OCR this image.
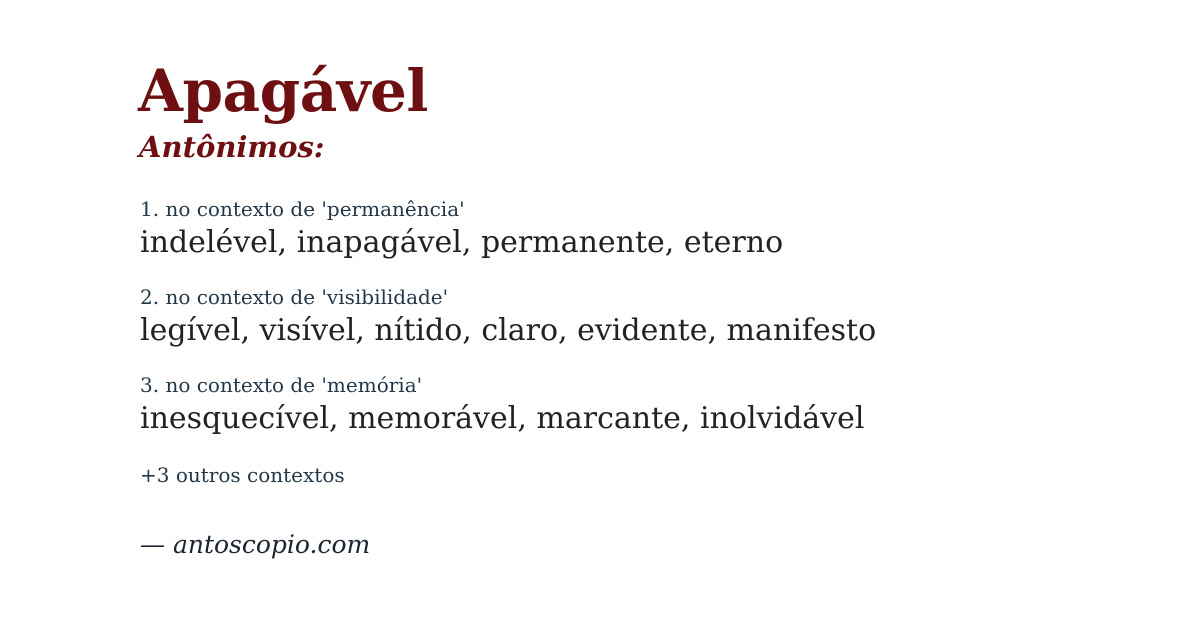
Apagável
Antônimos:
1. no contexto de 'permanência'
indelével, inapagável, permanente, eterno
2. no contexto de 'visibilidade'
legível, visível, nítido, claro, evidente, manifesto
3. no contexto de 'memória'
inesquecível, memorável, marcante, inolvidável
+3 outros contextos
— antoscopio.com
